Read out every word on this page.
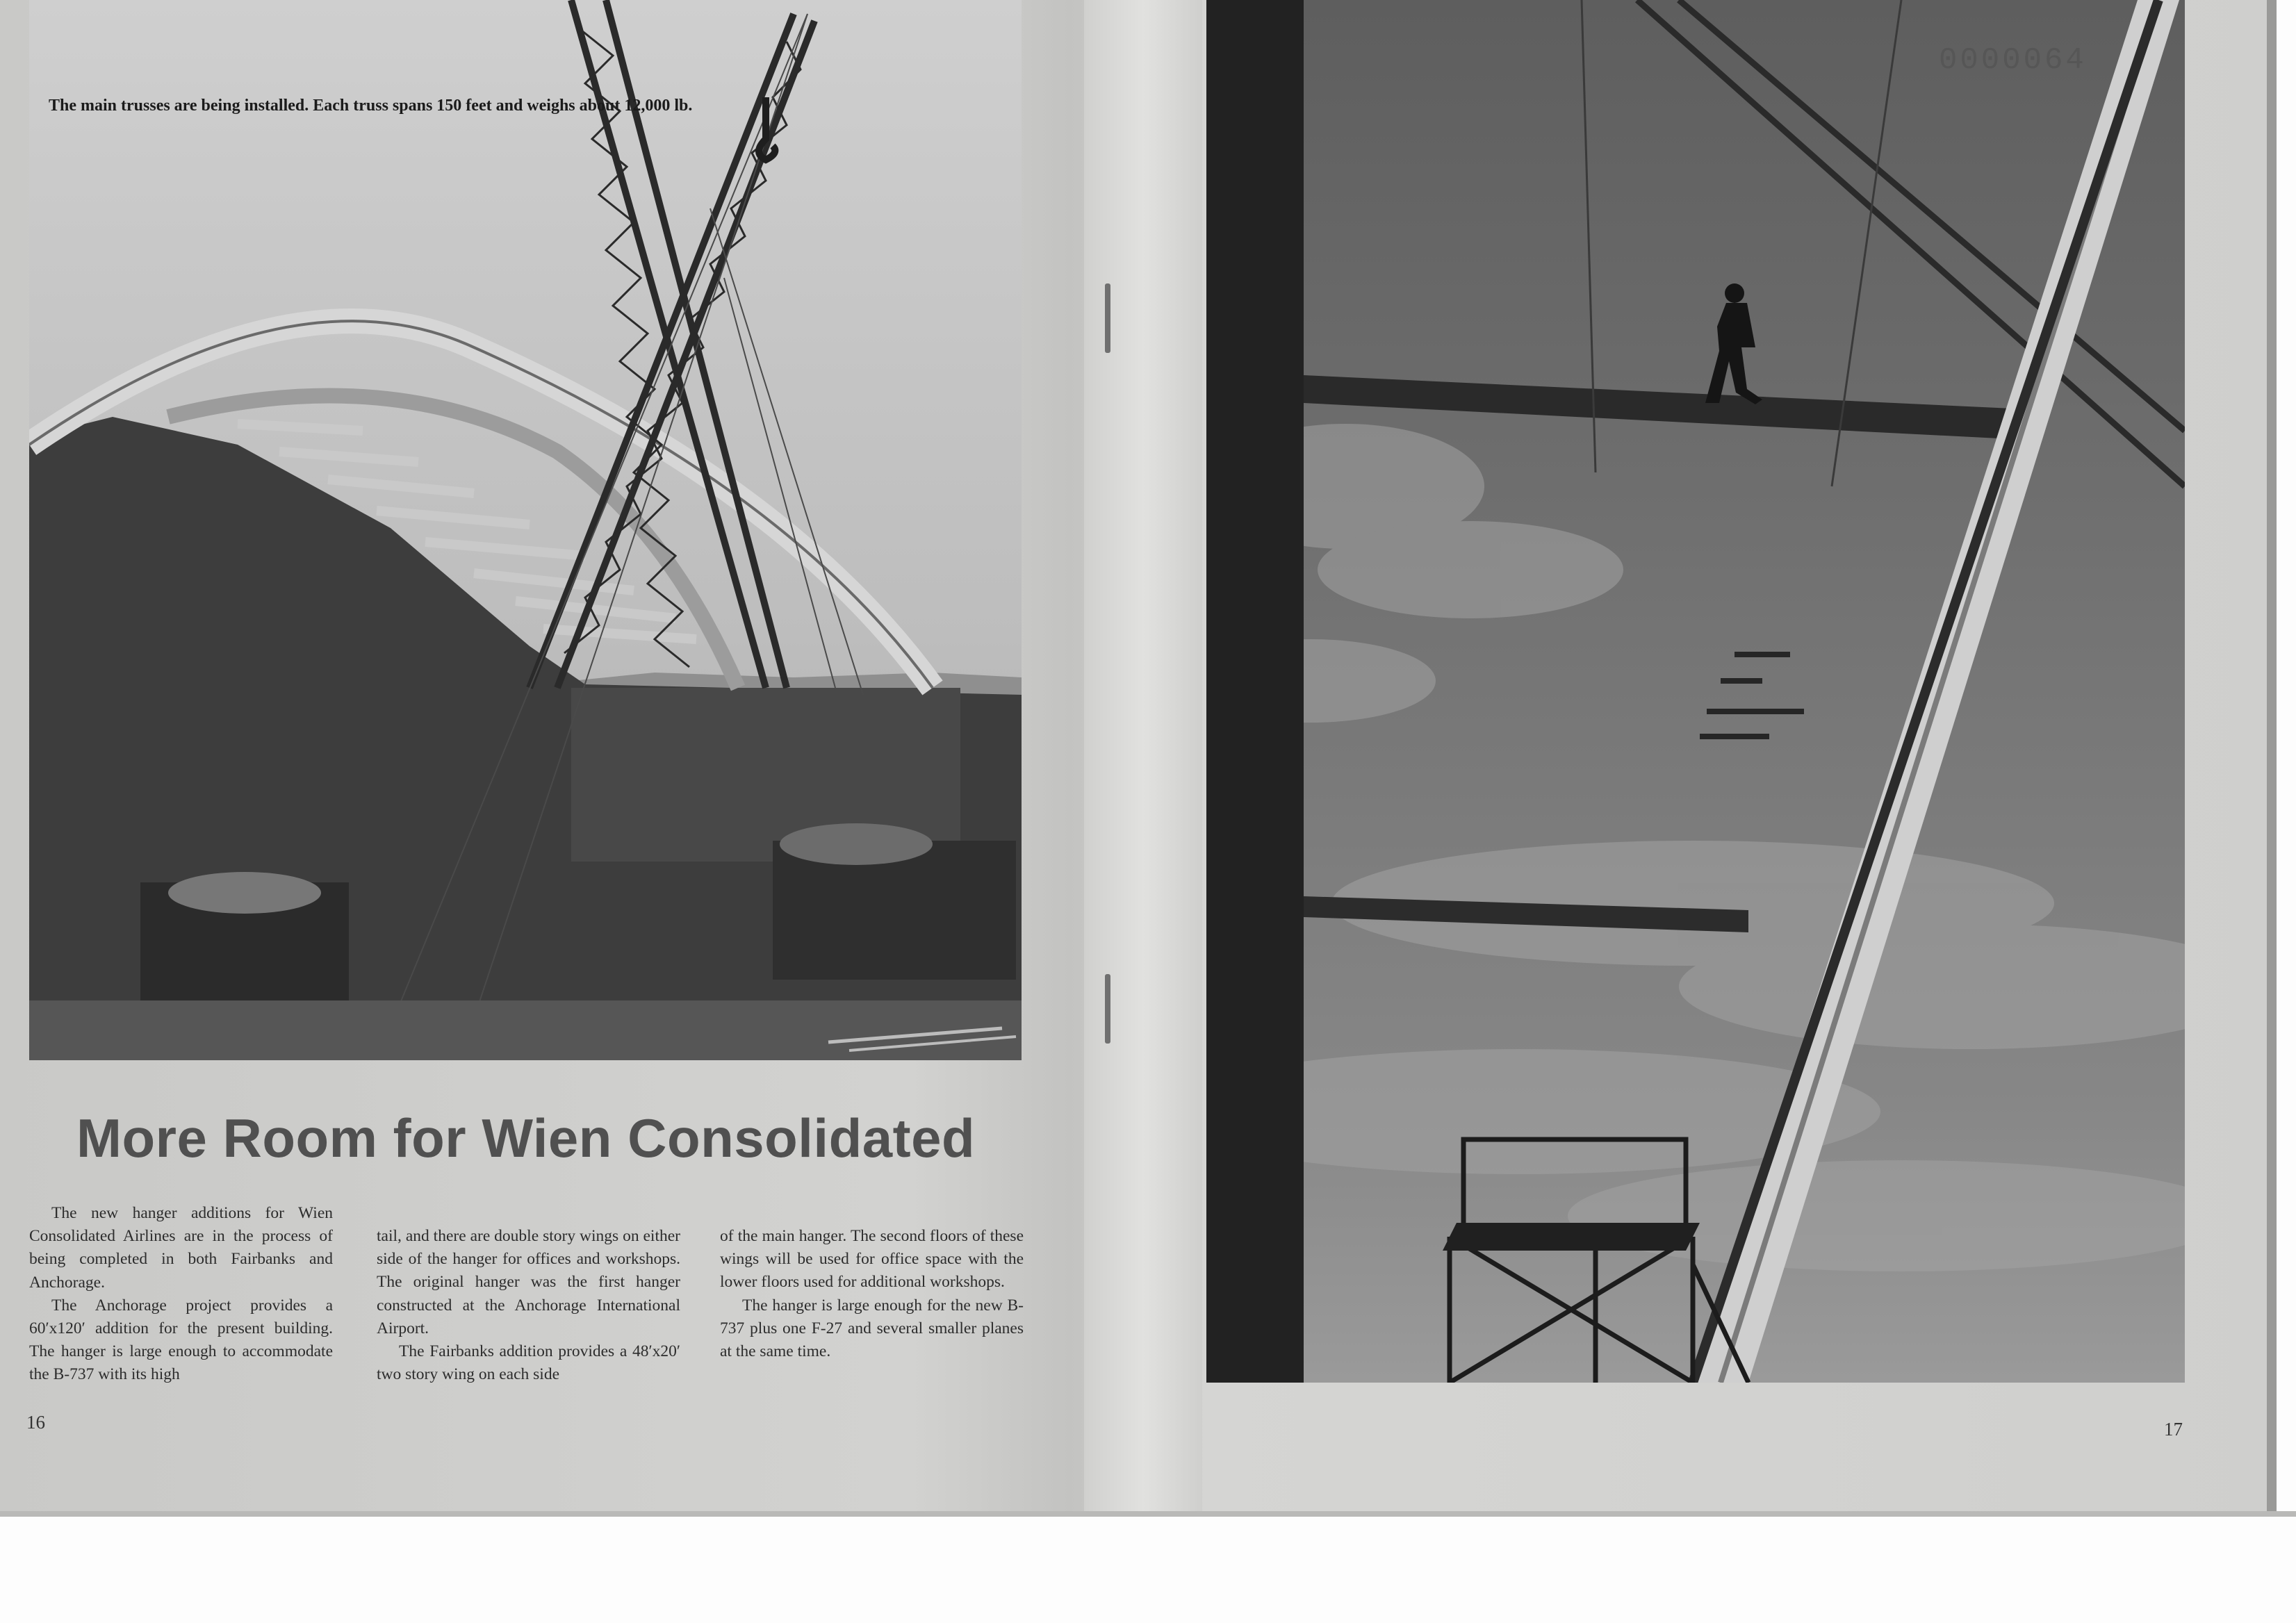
The main trusses are being installed. Each truss spans 150 feet and weighs about 12,000 lb.

0000064
More Room for Wien Consolidated

The new hanger additions for Wien Consolidated Airlines are in the process of being completed in both Fairbanks and Anchorage.

The Anchorage project provides a 60′x120′ addition for the present building. The hanger is large enough to accommodate the B-737 with its high

tail, and there are double story wings on either side of the hanger for offices and workshops. The original hanger was the first hanger constructed at the Anchorage International Airport.

The Fairbanks addition provides a 48′x20′ two story wing on each side

of the main hanger. The second floors of these wings will be used for office space with the lower floors used for additional workshops.

The hanger is large enough for the new B-737 plus one F-27 and several smaller planes at the same time.

16	17
